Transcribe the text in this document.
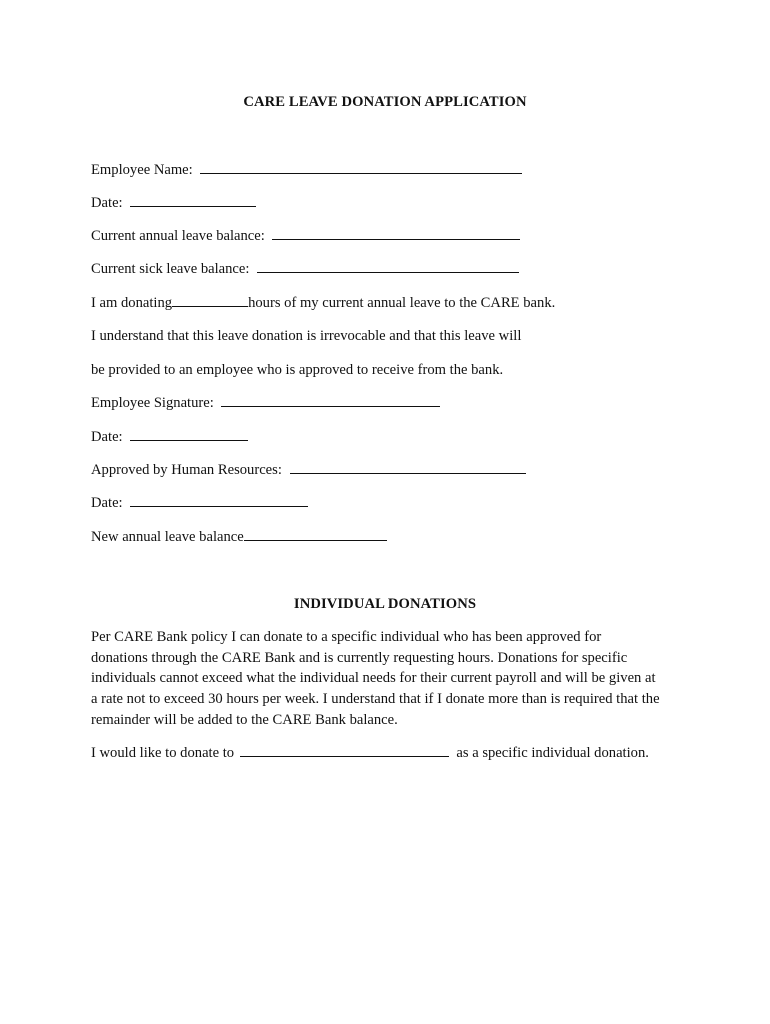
CARE LEAVE DONATION APPLICATION
Employee Name:
Date:
Current annual leave balance:
Current sick leave balance:
I am donating	hours of my current annual leave to the CARE bank.
I understand that this leave donation is irrevocable and that this leave will
be provided to an employee who is approved to receive from the bank.
Employee Signature:
Date:
Approved by Human Resources:
Date:
New annual leave balance
INDIVIDUAL DONATIONS
Per CARE Bank policy I can donate to a specific individual who has been approved for
donations through the CARE Bank and is currently requesting hours. Donations for specific
individuals cannot exceed what the individual needs for their current payroll and will be given at
a rate not to exceed 30 hours per week. I understand that if I donate more than is required that the
remainder will be added to the CARE Bank balance.
I would like to donate to	as a specific individual donation.
